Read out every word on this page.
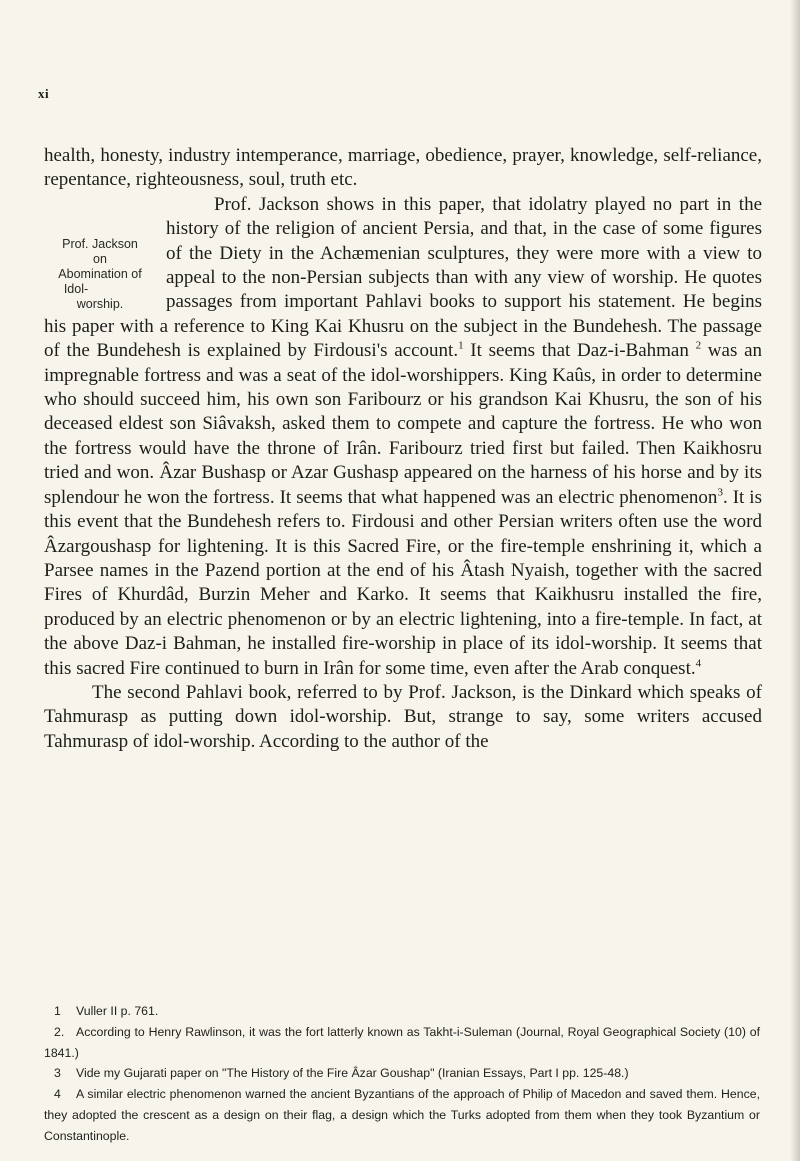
xi

health, honesty, industry intemperance, marriage, obedience, prayer, knowledge, self-reliance, repentance, righteousness, soul, truth etc.

Prof. Jackson
on
Abomination of Idol-
worship.
Prof. Jackson shows in this paper, that idolatry played no part in the history of the religion of ancient Persia, and that, in the case of some figures of the Diety in the Achæmenian sculptures, they were more with a view to appeal to the non-Persian subjects than with any view of worship. He quotes passages from important Pahlavi books to support his statement. He begins his paper with a reference to King Kai Khusru on the subject in the Bundehesh. The passage of the Bundehesh is explained by Firdousi's account.$^1$ It seems that Daz-i-Bahman $^2$ was an impregnable fortress and was a seat of the idol-worshippers. King Kaûs, in order to determine who should succeed him, his own son Faribourz or his grandson Kai Khusru, the son of his deceased eldest son Siâvaksh, asked them to compete and capture the fortress. He who won the fortress would have the throne of Irân. Faribourz tried first but failed. Then Kaikhosru tried and won. Âzar Bushasp or Azar Gushasp appeared on the harness of his horse and by its splendour he won the fortress. It seems that what happened was an electric phenomenon$^3$. It is this event that the Bundehesh refers to. Firdousi and other Persian writers often use the word Âzargoushasp for lightening. It is this Sacred Fire, or the fire-temple enshrining it, which a Parsee names in the Pazend portion at the end of his Âtash Nyaish, together with the sacred Fires of Khurdâd, Burzin Meher and Karko. It seems that Kaikhusru installed the fire, produced by an electric phenomenon or by an electric lightening, into a fire-temple. In fact, at the above Daz-i Bahman, he installed fire-worship in place of its idol-worship. It seems that this sacred Fire continued to burn in Irân for some time, even after the Arab conquest.$^4$

The second Pahlavi book, referred to by Prof. Jackson, is the Dinkard which speaks of Tahmurasp as putting down idol-worship. But, strange to say, some writers accused Tahmurasp of idol-worship. According to the author of the

1 Vuller II p. 761.

2. According to Henry Rawlinson, it was the fort latterly known as Takht-i-Suleman (Journal, Royal Geographical Society (10) of 1841.)

3 Vide my Gujarati paper on "The History of the Fire Âzar Goushap" (Iranian Essays, Part I pp. 125-48.)

4 A similar electric phenomenon warned the ancient Byzantians of the approach of Philip of Macedon and saved them. Hence, they adopted the crescent as a design on their flag, a design which the Turks adopted from them when they took Byzantium or Constantinople.
